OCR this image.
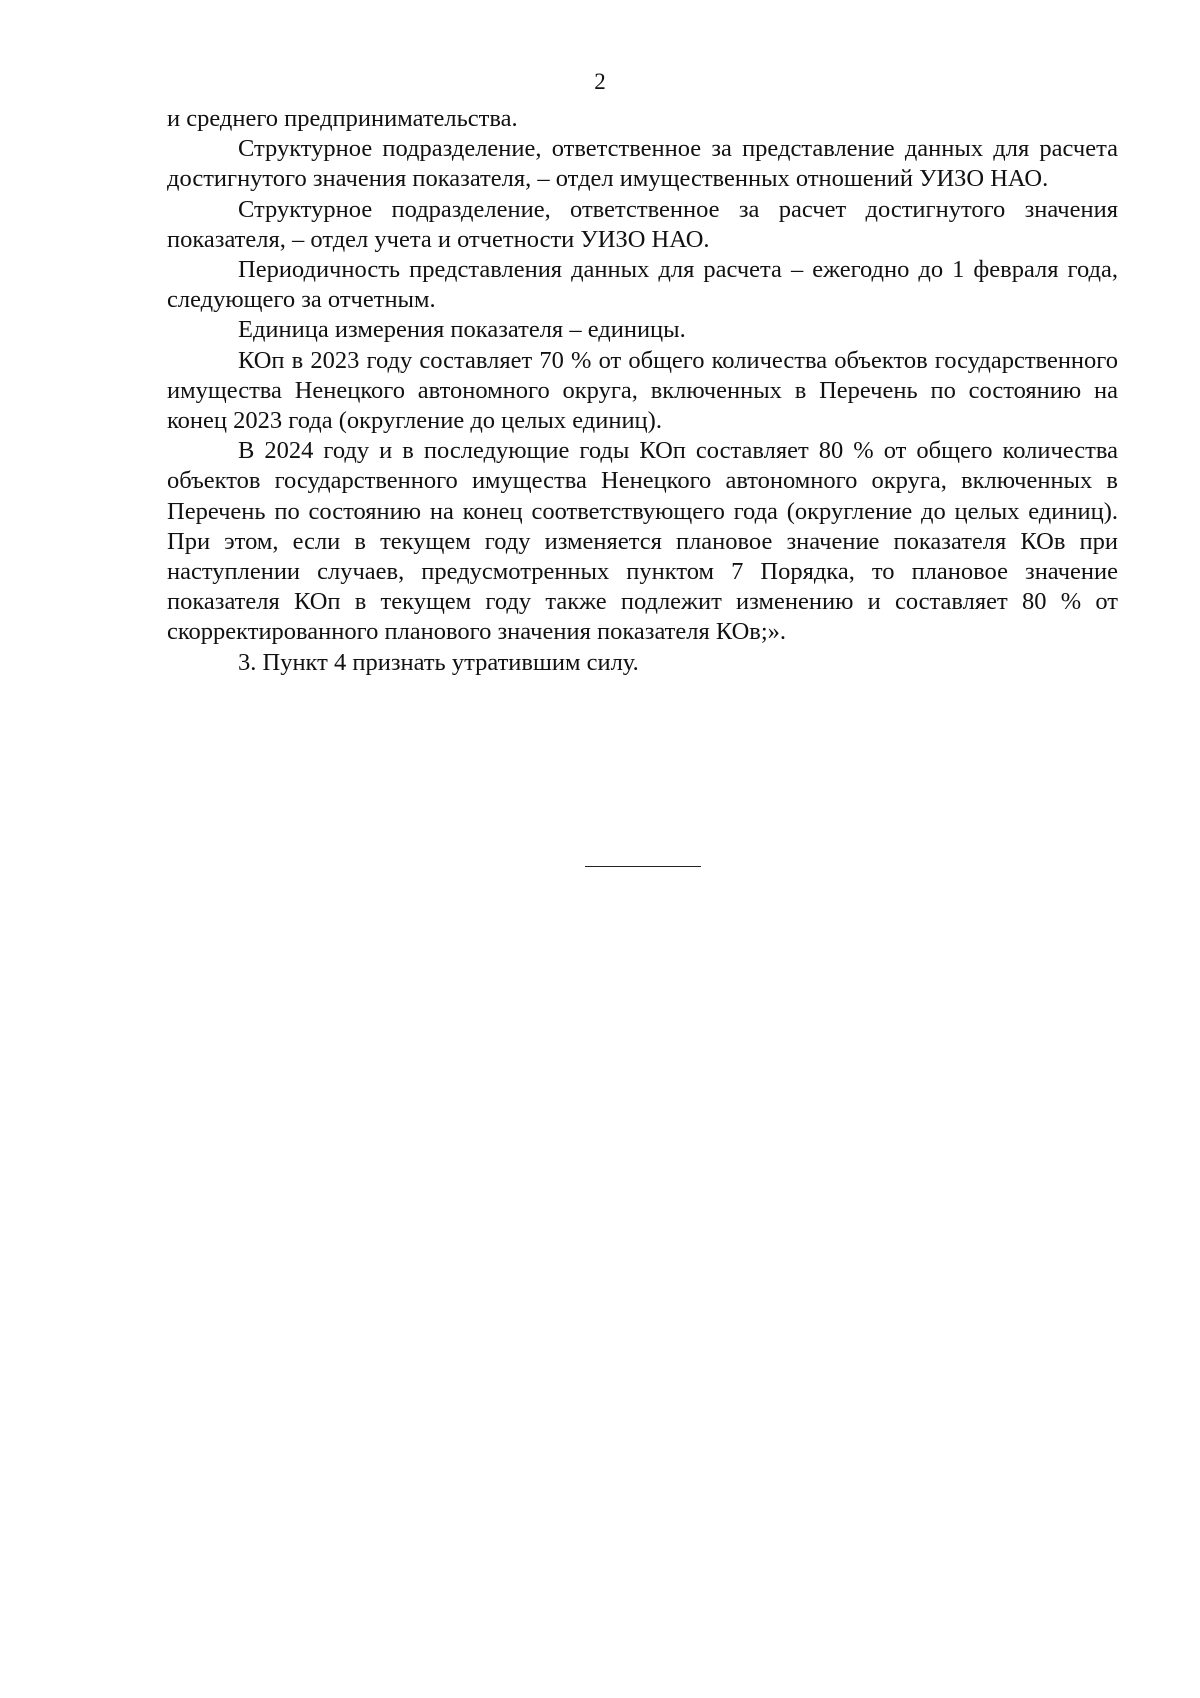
2

и среднего предпринимательства.

Структурное подразделение, ответственное за представление данных для расчета достигнутого значения показателя, – отдел имущественных отношений УИЗО НАО.

Структурное подразделение, ответственное за расчет достигнутого значения показателя, – отдел учета и отчетности УИЗО НАО.

Периодичность представления данных для расчета – ежегодно до 1 февраля года, следующего за отчетным.

Единица измерения показателя – единицы.

КОп в 2023 году составляет 70 % от общего количества объектов государственного имущества Ненецкого автономного округа, включенных в Перечень по состоянию на конец 2023 года (округление до целых единиц).

В 2024 году и в последующие годы КОп составляет 80 % от общего количества объектов государственного имущества Ненецкого автономного округа, включенных в Перечень по состоянию на конец соответствующего года (округление до целых единиц). При этом, если в текущем году изменяется плановое значение показателя КОв при наступлении случаев, предусмотренных пунктом 7 Порядка, то плановое значение показателя КОп в текущем году также подлежит изменению и составляет 80 % от скорректированного планового значения показателя КОв;».

3. Пункт 4 признать утратившим силу.
